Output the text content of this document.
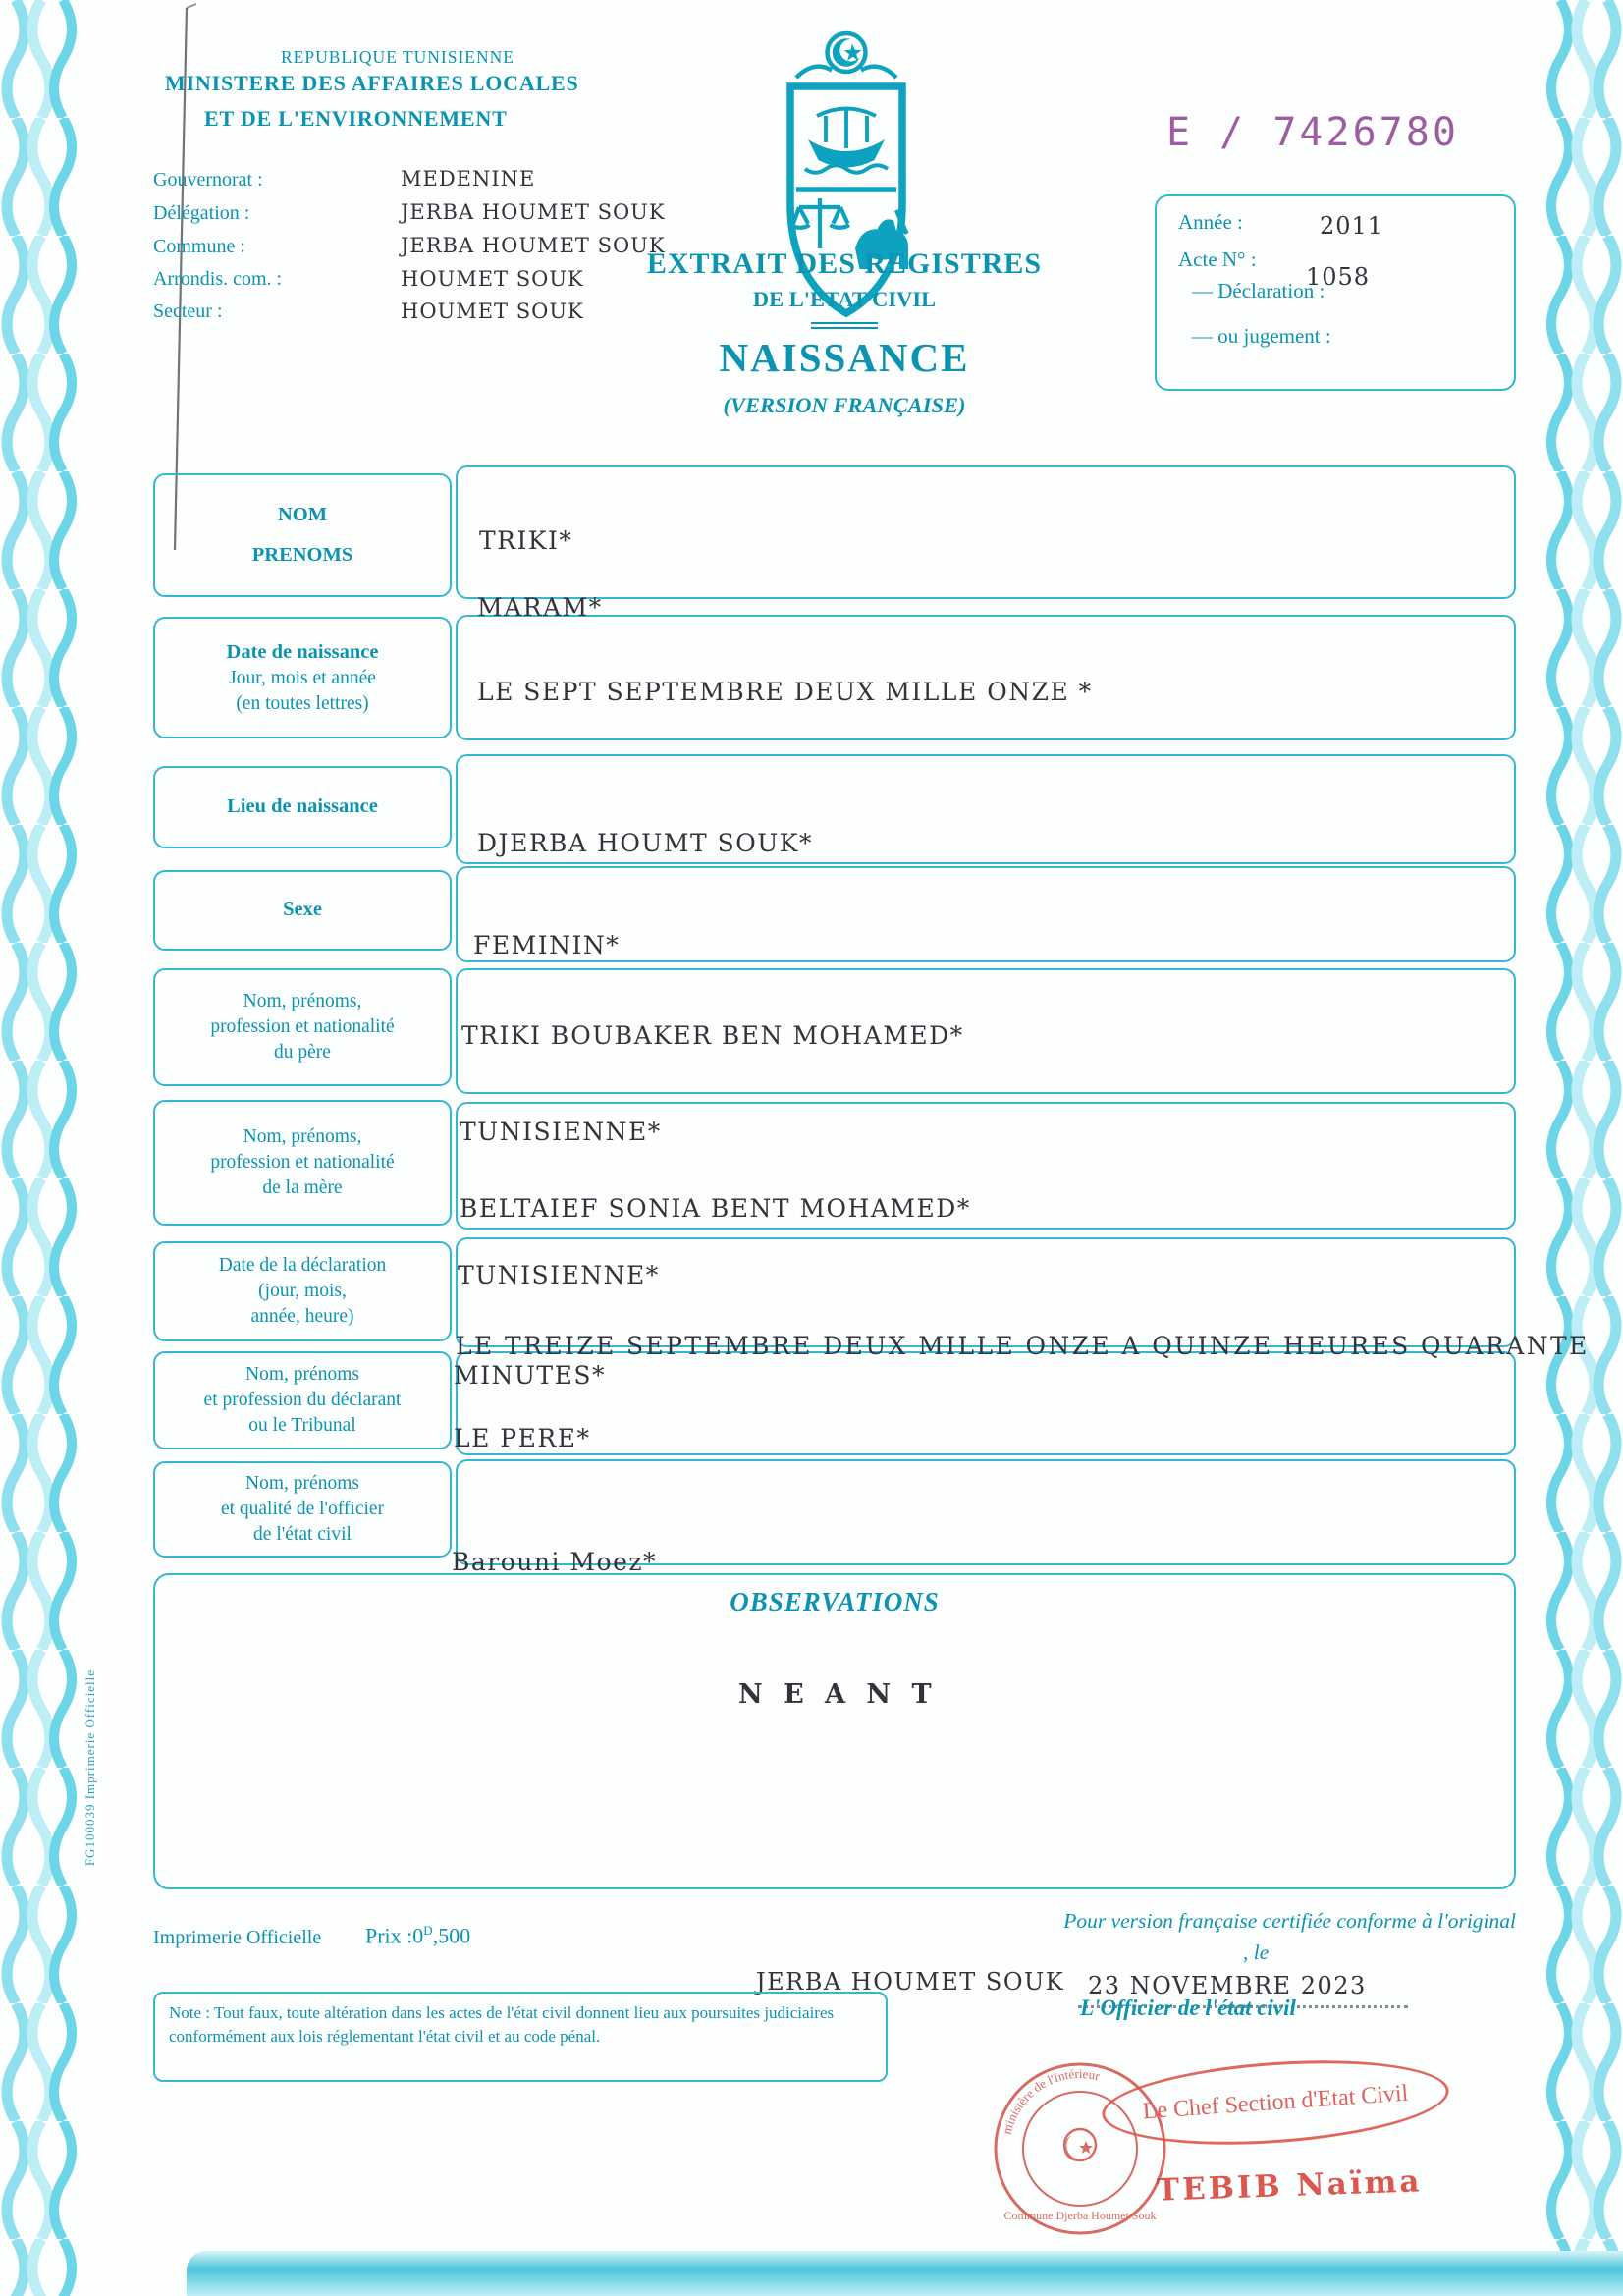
REPUBLIQUE TUNISIENNE
MINISTERE DES AFFAIRES LOCALES
ET DE L'ENVIRONNEMENT	E / 7426780
Gouvernorat :
Délégation :
Commune :
Arrondis. com. :
Secteur :
MEDENINE
JERBA HOUMET SOUK
JERBA HOUMET SOUK
HOUMET SOUK
HOUMET SOUK
EXTRAIT DES REGISTRES
DE L'ETAT CIVIL
NAISSANCE
(VERSION FRANÇAISE)
Année :	2011
Acte N° :
1058
— Déclaration :
— ou jugement :
NOM
PRENOMS
Date de naissance
Jour, mois et année
(en toutes lettres)
Lieu de naissance
Sexe
Nom, prénoms,
profession et nationalité
du père
Nom, prénoms,
profession et nationalité
de la mère
Date de la déclaration
(jour, mois,
année, heure)
Nom, prénoms
et profession du déclarant
ou le Tribunal
Nom, prénoms
et qualité de l'officier
de l'état civil
TRIKI*
MARAM*
LE SEPT SEPTEMBRE DEUX MILLE ONZE *
DJERBA HOUMT SOUK*
FEMININ*
TRIKI BOUBAKER BEN MOHAMED*
TUNISIENNE*
BELTAIEF SONIA BENT MOHAMED*
TUNISIENNE*
LE TREIZE SEPTEMBRE DEUX MILLE ONZE A QUINZE HEURES QUARANTE
MINUTES*
LE PERE*
Barouni Moez*
OBSERVATIONS
N E A N T
FG100039 Imprimerie Officielle
Imprimerie Officielle Prix $:0^D,500$
Pour version française certifiée conforme à l'original
, le
JERBA HOUMET SOUK 23 NOVEMBRE 2023
L'Officier de l'état civil
Note : Tout faux, toute altération dans les actes de l'état civil donnent lieu aux poursuites judiciaires conformément aux lois réglementant l'état civil et au code pénal.
ministère de l'Intérieur
Commune Djerba Houmet Souk
Le Chef Section d'Etat Civil
TEBIB Naïma
